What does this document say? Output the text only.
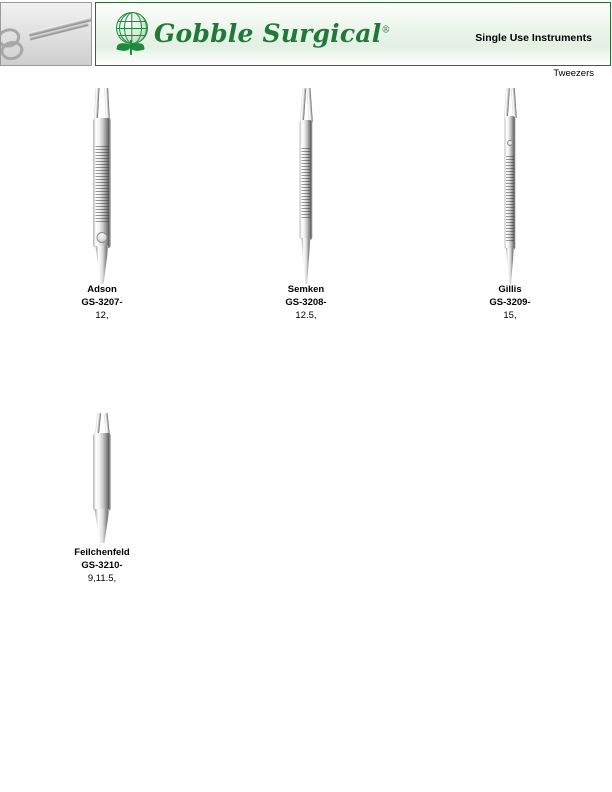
Gobble Surgical®
Single Use Instruments
Tweezers
Adson
GS-3207-
12,
Semken
GS-3208-
12.5,
Gillis
GS-3209-
15,
Feilchenfeld
GS-3210-
9,11.5,
